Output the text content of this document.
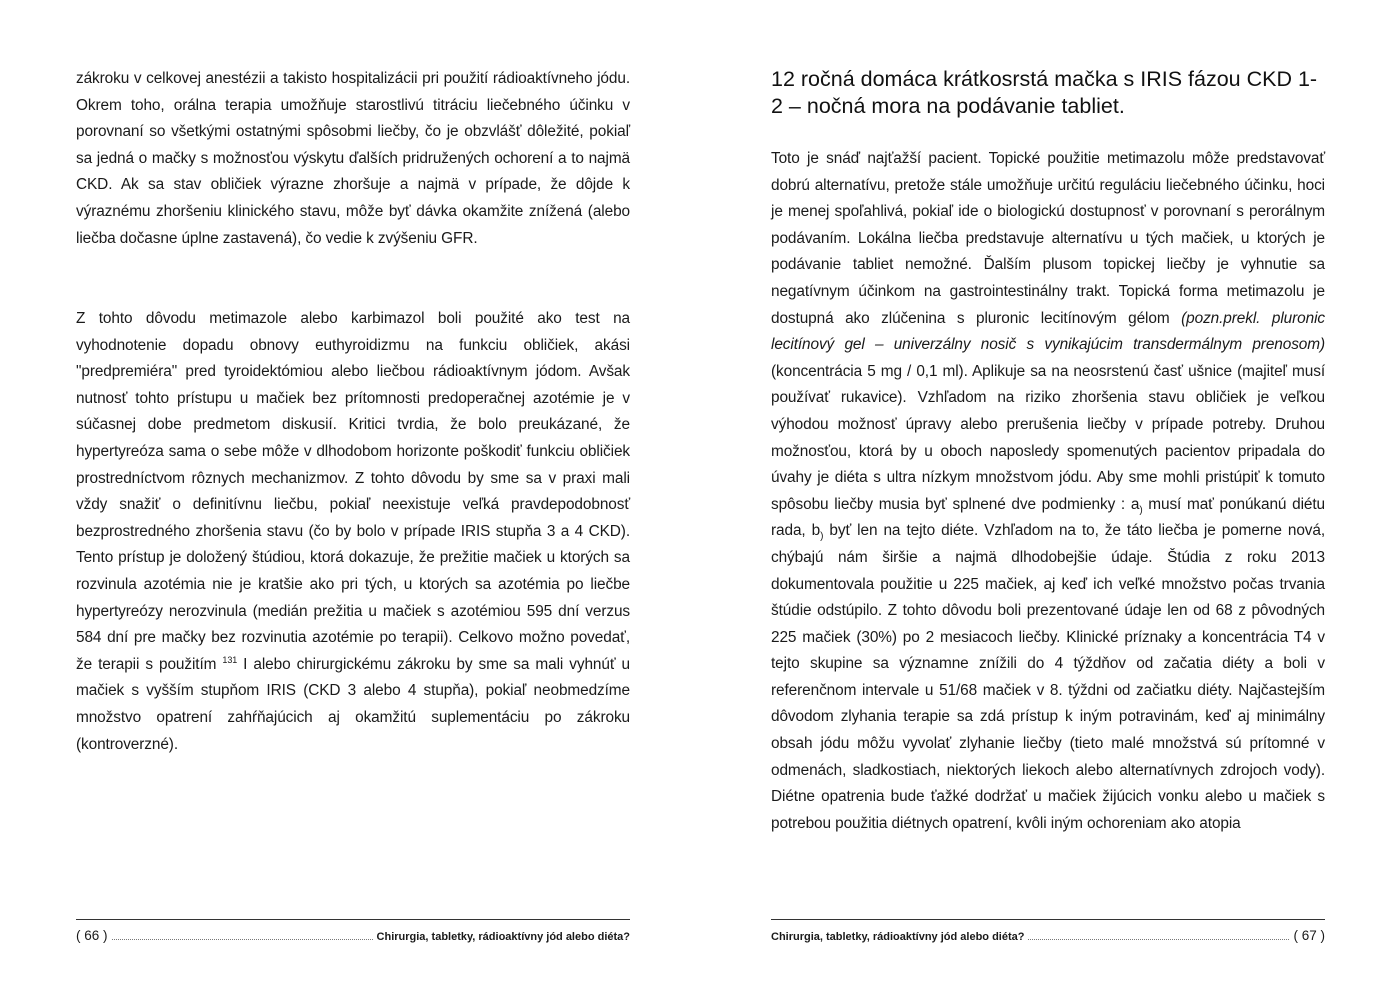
zákroku v celkovej anestézii a takisto hospitalizácii pri použití rádioaktívneho jódu. Okrem toho, orálna terapia umožňuje starostlivú titráciu liečebného účinku v porovnaní so všetkými ostatnými spôsobmi liečby, čo je obzvlášť dôležité, pokiaľ sa jedná o mačky s možnosťou výskytu ďalších pridružených ochorení a to najmä CKD. Ak sa stav obličiek výrazne zhoršuje a najmä v prípade, že dôjde k výraznému zhoršeniu klinického stavu, môže byť dávka okamžite znížená (alebo liečba dočasne úplne zastavená), čo vedie k zvýšeniu GFR.

Z tohto dôvodu metimazole alebo karbimazol boli použité ako test na vyhodnotenie dopadu obnovy euthyroidizmu na funkciu obličiek, akási "predpremiéra" pred tyroidektómiou alebo liečbou rádioaktívnym jódom. Avšak nutnosť tohto prístupu u mačiek bez prítomnosti predoperačnej azotémie je v súčasnej dobe predmetom diskusií. Kritici tvrdia, že bolo preukázané, že hypertyreóza sama o sebe môže v dlhodobom horizonte poškodiť funkciu obličiek prostredníctvom rôznych mechanizmov. Z tohto dôvodu by sme sa v praxi mali vždy snažiť o definitívnu liečbu, pokiaľ neexistuje veľká pravdepodobnosť bezprostredného zhoršenia stavu (čo by bolo v prípade IRIS stupňa 3 a 4 CKD). Tento prístup je doložený štúdiou, ktorá dokazuje, že prežitie mačiek u ktorých sa rozvinula azotémia nie je kratšie ako pri tých, u ktorých sa azotémia po liečbe hypertyreózy nerozvinula (medián prežitia u mačiek s azotémiou 595 dní verzus 584 dní pre mačky bez rozvinutia azotémie po terapii). Celkovo možno povedať, že terapii s použitím $^{131}$ I alebo chirurgickému zákroku by sme sa mali vyhnúť u mačiek s vyšším stupňom IRIS (CKD 3 alebo 4 stupňa), pokiaľ neobmedzíme množstvo opatrení zahŕňajúcich aj okamžitú suplementáciu po zákroku (kontroverzné).

( 66 )	Chirurgia, tabletky, rádioaktívny jód alebo diéta?
12 ročná domáca krátkosrstá mačka s IRIS fázou CKD 1-2 – nočná mora na podávanie tabliet.

Toto je snáď najťažší pacient. Topické použitie metimazolu môže predstavovať dobrú alternatívu, pretože stále umožňuje určitú reguláciu liečebného účinku, hoci je menej spoľahlivá, pokiaľ ide o biologickú dostupnosť v porovnaní s perorálnym podávaním. Lokálna liečba predstavuje alternatívu u tých mačiek, u ktorých je podávanie tabliet nemožné. Ďalším plusom topickej liečby je vyhnutie sa negatívnym účinkom na gastrointestinálny trakt. Topická forma metimazolu je dostupná ako zlúčenina s pluronic lecitínovým gélom (pozn.prekl. pluronic lecitínový gel – univerzálny nosič s vynikajúcim transdermálnym prenosom) (koncentrácia 5 mg / 0,1 ml). Aplikuje sa na neosrstenú časť ušnice (majiteľ musí používať rukavice). Vzhľadom na riziko zhoršenia stavu obličiek je veľkou výhodou možnosť úpravy alebo prerušenia liečby v prípade potreby. Druhou možnosťou, ktorá by u oboch naposledy spomenutých pacientov pripadala do úvahy je diéta s ultra nízkym množstvom jódu. Aby sme mohli pristúpiť k tomuto spôsobu liečby musia byť splnené dve podmienky : $a_)$ musí mať ponúkanú diétu rada, $b_)$ byť len na tejto diéte. Vzhľadom na to, že táto liečba je pomerne nová, chýbajú nám širšie a najmä dlhodobejšie údaje. Štúdia z roku 2013 dokumentovala použitie u 225 mačiek, aj keď ich veľké množstvo počas trvania štúdie odstúpilo. Z tohto dôvodu boli prezentované údaje len od 68 z pôvodných 225 mačiek (30%) po 2 mesiacoch liečby. Klinické príznaky a koncentrácia T4 v tejto skupine sa významne znížili do 4 týždňov od začatia diéty a boli v referenčnom intervale u 51/68 mačiek v 8. týždni od začiatku diéty. Najčastejším dôvodom zlyhania terapie sa zdá prístup k iným potravinám, keď aj minimálny obsah jódu môžu vyvolať zlyhanie liečby (tieto malé množstvá sú prítomné v odmenách, sladkostiach, niektorých liekoch alebo alternatívnych zdrojoch vody). Diétne opatrenia bude ťažké dodržať u mačiek žijúcich vonku alebo u mačiek s potrebou použitia diétnych opatrení, kvôli iným ochoreniam ako atopia

Chirurgia, tabletky, rádioaktívny jód alebo diéta?	( 67 )
